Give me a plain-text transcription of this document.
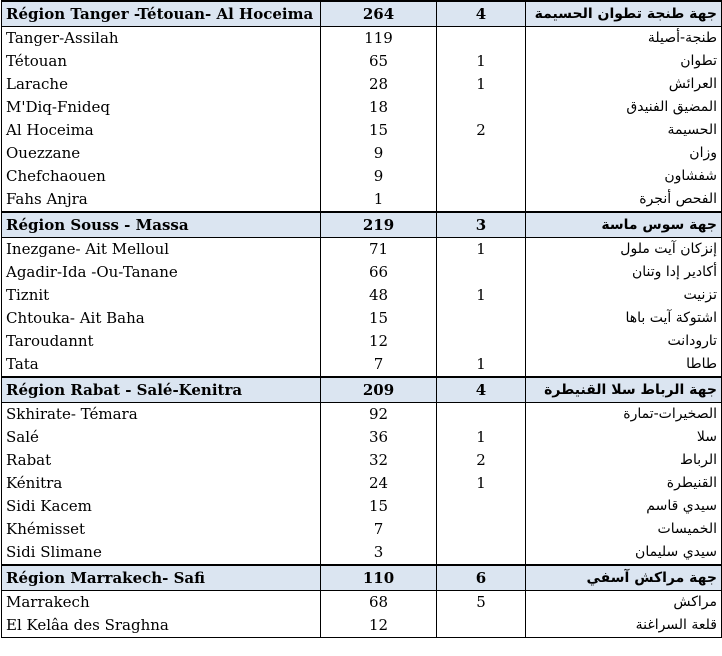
Région Tanger -Tétouan- Al Hoceima	264	4	جهة طنجة تطوان الحسيمة
Tanger-Assilah	119		طنجة-أصيلة
Tétouan	65	1	تطوان
Larache	28	1	العرائش
M'Diq-Fnideq	18		المضيق الفنيدق
Al Hoceima	15	2	الحسيمة
Ouezzane	9		وزان
Chefchaouen	9		شفشاون
Fahs Anjra	1		الفحص أنجرة
Région Souss - Massa	219	3	جهة سوس ماسة
Inezgane- Ait Melloul	71	1	إنزكان آيت ملول
Agadir-Ida -Ou-Tanane	66		أكادير إدا وتنان
Tiznit	48	1	تزنيت
Chtouka- Ait Baha	15		اشتوكة آيت باها
Taroudannt	12		تارودانت
Tata	7	1	طاطا
Région Rabat - Salé-Kenitra	209	4	جهة الرباط سلا القنيطرة
Skhirate- Témara	92		الصخيرات-تمارة
Salé	36	1	سلا
Rabat	32	2	الرباط
Kénitra	24	1	القنيطرة
Sidi Kacem	15		سيدي قاسم
Khémisset	7		الخميسات
Sidi Slimane	3		سيدي سليمان
Région Marrakech- Safi	110	6	جهة مراكش آسفي
Marrakech	68	5	مراكش
El Kelâa des Sraghna	12		قلعة السراغنة
